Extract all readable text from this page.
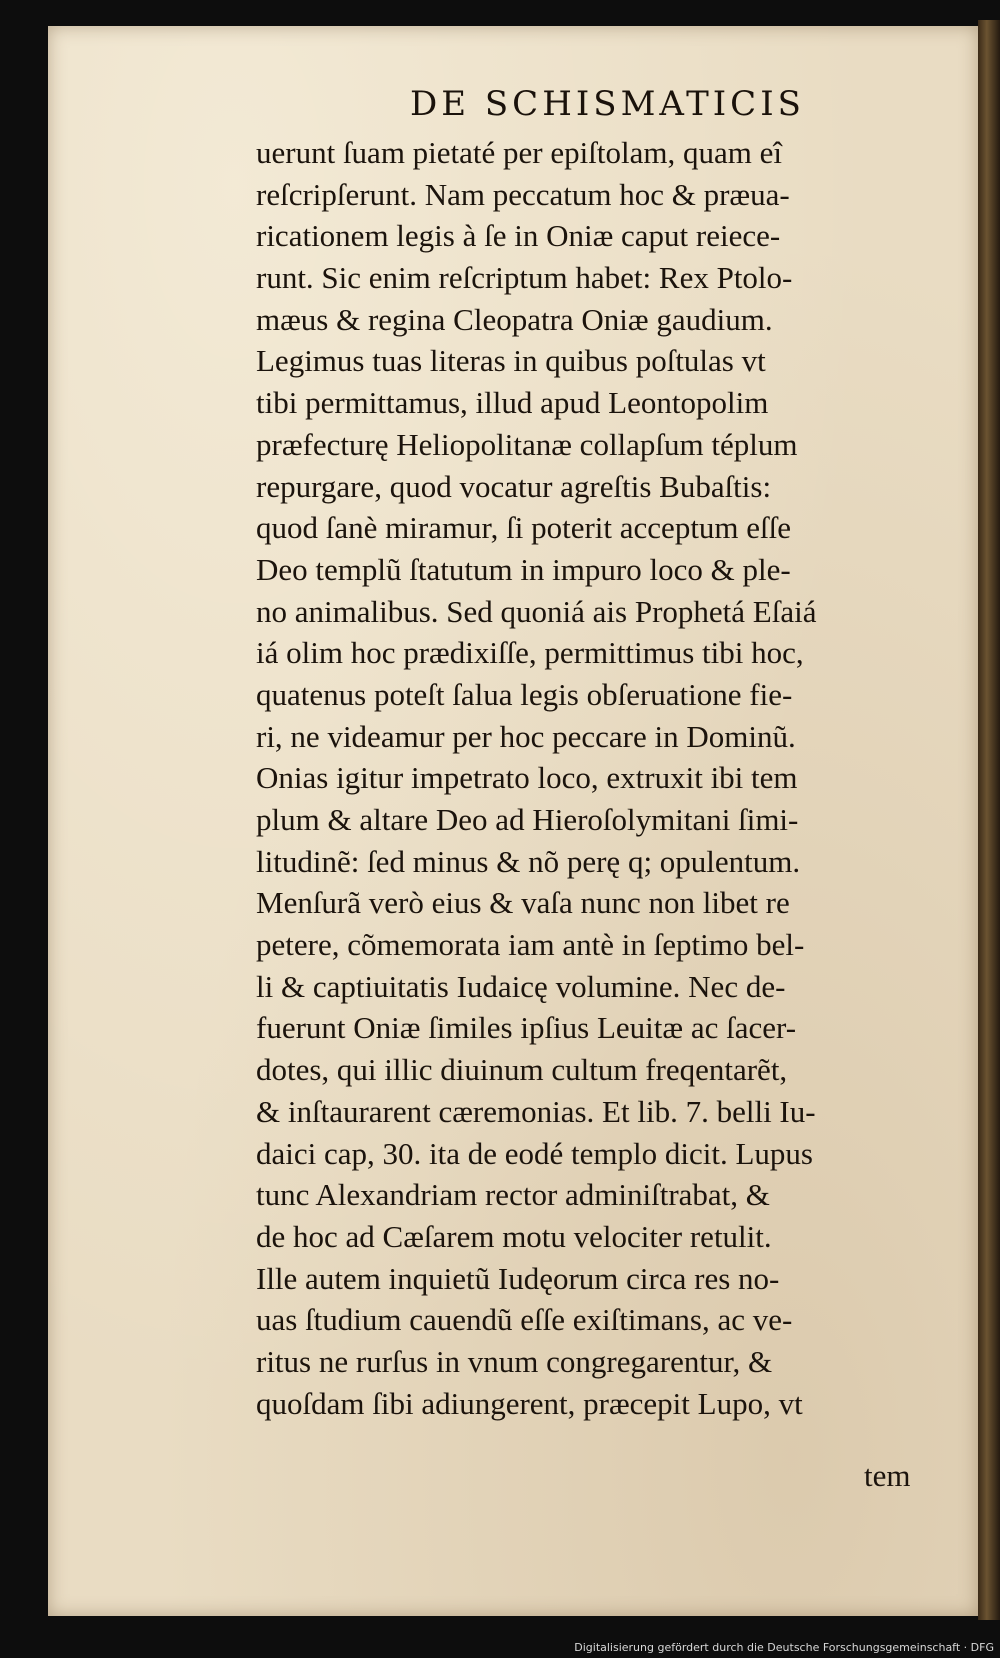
DE SCHISMATICIS
uerunt ſuam pietaté per epiſtolam, quam eî
reſcripſerunt. Nam peccatum hoc & præua-
ricationem legis à ſe in Oniæ caput reiece-
runt. Sic enim reſcriptum habet: Rex Ptolo-
mæus & regina Cleopatra Oniæ gaudium.
Legimus tuas literas in quibus poſtulas vt
tibi permittamus, illud apud Leontopolim
præfecturę Heliopolitanæ collapſum téplum
repurgare, quod vocatur agreſtis Bubaſtis:
quod ſanè miramur, ſi poterit acceptum eſſe
Deo templũ ſtatutum in impuro loco & ple-
no animalibus. Sed quoniá ais Prophetá Eſaiá
iá olim hoc prædixiſſe, permittimus tibi hoc,
quatenus poteſt ſalua legis obſeruatione fie-
ri, ne videamur per hoc peccare in Dominũ.
Onias igitur impetrato loco, extruxit ibi tem
plum & altare Deo ad Hieroſolymitani ſimi-
litudinẽ: ſed minus & nõ perę q; opulentum.
Menſurã verò eius & vaſa nunc non libet re
petere, cõmemorata iam antè in ſeptimo bel-
li & captiuitatis Iudaicę volumine. Nec de-
fuerunt Oniæ ſimiles ipſius Leuitæ ac ſacer-
dotes, qui illic diuinum cultum freqentarẽt,
& inſtaurarent cæremonias. Et lib. 7. belli Iu-
daici cap, 30. ita de eodé templo dicit. Lupus
tunc Alexandriam rector adminiſtrabat, &
de hoc ad Cæſarem motu velociter retulit.
Ille autem inquietũ Iudęorum circa res no-
uas ſtudium cauendũ eſſe exiſtimans, ac ve-
ritus ne rurſus in vnum congregarentur, &
quoſdam ſibi adiungerent, præcepit Lupo, vt
tem
Digitalisierung gefördert durch die Deutsche Forschungsgemeinschaft · DFG
